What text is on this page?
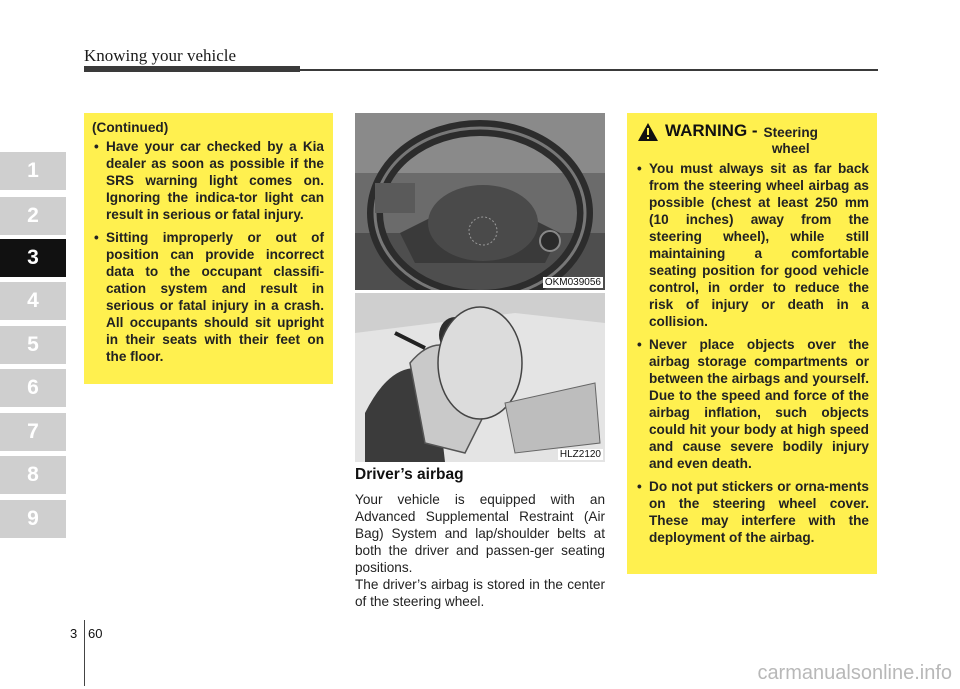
Knowing your vehicle
1
2
3
4
5
6
7
8
9
(Continued)
• Have your car checked by a Kia dealer as soon as possible if the SRS warning light comes on. Ignoring the indica-tor light can result in serious or fatal injury.
• Sitting improperly or out of position can provide incorrect data to the occupant classifi-cation system and result in serious or fatal injury in a crash. All occupants should sit upright in their seats with their feet on the floor.
OKM039056
HLZ2120
Driver’s airbag
Your vehicle is equipped with an Advanced Supplemental Restraint (Air Bag) System and lap/shoulder belts at both the driver and passen-ger seating positions.
The driver’s airbag is stored in the center of the steering wheel.
WARNING - Steering
wheel
• You must always sit as far back from the steering wheel airbag as possible (chest at least 250 mm (10 inches) away from the steering wheel), while still maintaining a comfortable seating position for good vehicle control, in order to reduce the risk of injury or death in a collision.
• Never place objects over the airbag storage compartments or between the airbags and yourself. Due to the speed and force of the airbag inflation, such objects could hit your body at high speed and cause severe bodily injury and even death.
• Do not put stickers or orna-ments on the steering wheel cover. These may interfere with the deployment of the airbag.
3 60
carmanualsonline.info
